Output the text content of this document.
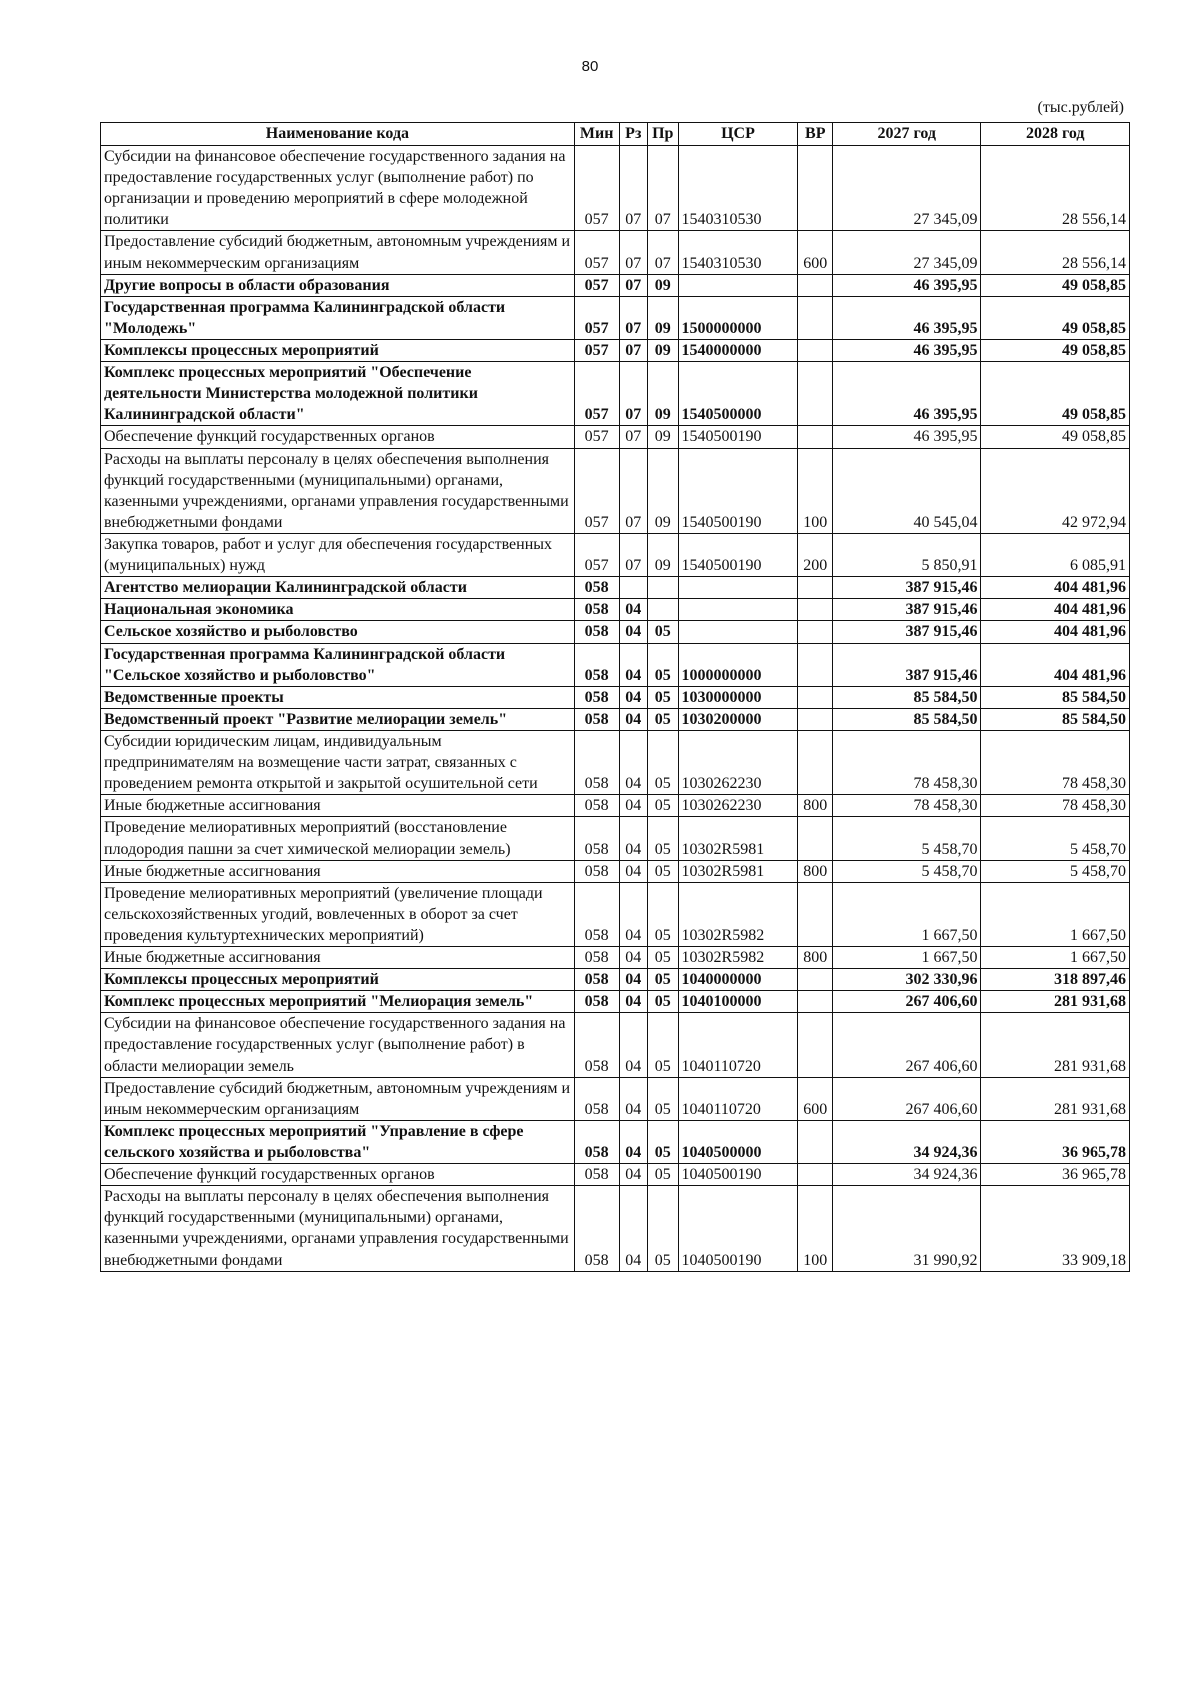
80
(тыс.рублей)
Наименование кода	Мин	Рз	Пр	ЦСР	ВР	2027 год	2028 год
Субсидии на финансовое обеспечение государственного задания на предоставление государственных услуг (выполнение работ) по организации и проведению мероприятий в сфере молодежной политики	057	07	07	1540310530		27 345,09	28 556,14
Предоставление субсидий бюджетным, автономным учреждениям и иным некоммерческим организациям	057	07	07	1540310530	600	27 345,09	28 556,14
Другие вопросы в области образования	057	07	09			46 395,95	49 058,85
Государственная программа Калининградской области "Молодежь"	057	07	09	1500000000		46 395,95	49 058,85
Комплексы процессных мероприятий	057	07	09	1540000000		46 395,95	49 058,85
Комплекс процессных мероприятий "Обеспечение деятельности Министерства молодежной политики Калининградской области"	057	07	09	1540500000		46 395,95	49 058,85
Обеспечение функций государственных органов	057	07	09	1540500190		46 395,95	49 058,85
Расходы на выплаты персоналу в целях обеспечения выполнения функций государственными (муниципальными) органами, казенными учреждениями, органами управления государственными внебюджетными фондами	057	07	09	1540500190	100	40 545,04	42 972,94
Закупка товаров, работ и услуг для обеспечения государственных (муниципальных) нужд	057	07	09	1540500190	200	5 850,91	6 085,91
Агентство мелиорации Калининградской области	058					387 915,46	404 481,96
Национальная экономика	058	04				387 915,46	404 481,96
Сельское хозяйство и рыболовство	058	04	05			387 915,46	404 481,96
Государственная программа Калининградской области "Сельское хозяйство и рыболовство"	058	04	05	1000000000		387 915,46	404 481,96
Ведомственные проекты	058	04	05	1030000000		85 584,50	85 584,50
Ведомственный проект "Развитие мелиорации земель"	058	04	05	1030200000		85 584,50	85 584,50
Субсидии юридическим лицам, индивидуальным предпринимателям на возмещение части затрат, связанных с проведением ремонта открытой и закрытой осушительной сети	058	04	05	1030262230		78 458,30	78 458,30
Иные бюджетные ассигнования	058	04	05	1030262230	800	78 458,30	78 458,30
Проведение мелиоративных мероприятий (восстановление плодородия пашни за счет химической мелиорации земель)	058	04	05	10302R5981		5 458,70	5 458,70
Иные бюджетные ассигнования	058	04	05	10302R5981	800	5 458,70	5 458,70
Проведение мелиоративных мероприятий (увеличение площади сельскохозяйственных угодий, вовлеченных в оборот за счет проведения культуртехнических мероприятий)	058	04	05	10302R5982		1 667,50	1 667,50
Иные бюджетные ассигнования	058	04	05	10302R5982	800	1 667,50	1 667,50
Комплексы процессных мероприятий	058	04	05	1040000000		302 330,96	318 897,46
Комплекс процессных мероприятий "Мелиорация земель"	058	04	05	1040100000		267 406,60	281 931,68
Субсидии на финансовое обеспечение государственного задания на предоставление государственных услуг (выполнение работ) в области мелиорации земель	058	04	05	1040110720		267 406,60	281 931,68
Предоставление субсидий бюджетным, автономным учреждениям и иным некоммерческим организациям	058	04	05	1040110720	600	267 406,60	281 931,68
Комплекс процессных мероприятий "Управление в сфере сельского хозяйства и рыболовства"	058	04	05	1040500000		34 924,36	36 965,78
Обеспечение функций государственных органов	058	04	05	1040500190		34 924,36	36 965,78
Расходы на выплаты персоналу в целях обеспечения выполнения функций государственными (муниципальными) органами, казенными учреждениями, органами управления государственными внебюджетными фондами	058	04	05	1040500190	100	31 990,92	33 909,18
